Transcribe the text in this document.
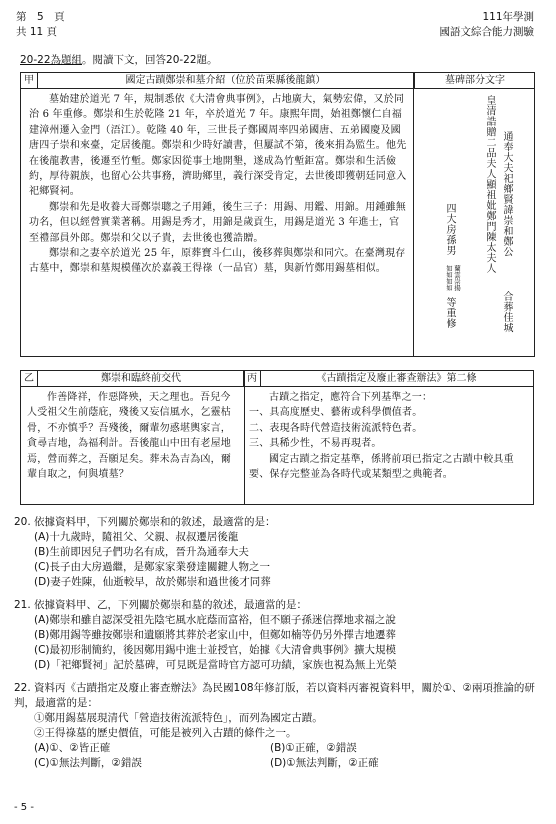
第　5　頁
共 11 頁
111年學測
國語文綜合能力測驗
20-22為題組。閱讀下文，回答20-22題。
甲	國定古蹟鄭崇和墓介紹（位於苗栗縣後龍鎮）	墓碑部分文字

墓始建於道光 7 年，規制悉依《大清會典事例》，占地廣大，氣勢宏偉，又於同治 6 年重修。鄭崇和生於乾隆 21 年，卒於道光 7 年。康熙年間，始祖鄭懷仁自福建漳州遷入金門（浯江）。乾隆 40 年，三世長子鄭國周率四弟國唐、五弟國慶及國唐四子崇和來臺，定居後龍。鄭崇和少時好讀書，但屢試不第，後來捐為監生。他先在後龍教書，後遷至竹塹。鄭家因從事土地開墾，遂成為竹塹鉅富。鄭崇和生活儉約，厚待親族，也留心公共事務，濟助鄉里，義行深受肯定，去世後即獲朝廷同意入祀鄉賢祠。

鄭崇和先是收養大哥鄭崇聰之子用鍾，後生三子：用錫、用鑑、用錦。用鍾雖無功名，但以經營實業著稱。用錫是秀才，用錦是歲貢生，用錫是道光 3 年進士，官至禮部員外郎。鄭崇和父以子貴，去世後也獲誥贈。

鄭崇和之妻卒於道光 25 年，原葬寶斗仁山，後移葬與鄭崇和同穴。在臺灣現存古墓中，鄭崇和墓規模僅次於嘉義王得祿（一品官）墓，與新竹鄭用錫墓相似。

通奉大夫祀鄉賢諱崇和鄭公
皇清誥贈二品夫人顯祖妣鄭門陳太夫人
合葬佳城
四大房孫男
如如如如 蘭雲崇揚
等重修
乙	鄭崇和臨終前交代

作善降祥，作惡降殃，天之理也。吾兒今人受祖父生前蔭庇，殘後又妄信風水，乞靈枯骨，不亦慎乎？吾殘後，爾輩勿惑堪輿家言，貪尋吉地，為福利計。吾後龍山中田有老屋地焉，營而葬之，吾願足矣。葬未為吉為凶，爾輩自取之，何與墳墓？

丙	《古蹟指定及廢止審查辦法》第二條

古蹟之指定，應符合下列基準之一：

一、具高度歷史、藝術或科學價值者。
二、表現各時代營造技術流派特色者。
三、具稀少性，不易再現者。

國定古蹟之指定基準，係將前項已指定之古蹟中較具重要、保存完整並為各時代或某類型之典範者。

20. 依據資料甲，下列關於鄭崇和的敘述，最適當的是：
(A)十九歲時，隨祖父、父親、叔叔遷居後龍
(B)生前即因兒子們功名有成，晉升為通奉大夫
(C)長子由大房過繼，是鄭家家業發達關鍵人物之一
(D)妻子姓陳，仙逝較早，故於鄭崇和過世後才同葬
21. 依據資料甲、乙，下列關於鄭崇和墓的敘述，最適當的是：
(A)鄭崇和雖自認深受祖先陰宅風水庇蔭而富裕，但不願子孫迷信擇地求福之說
(B)鄭用錫等雖按鄭崇和遺願將其葬於老家山中，但鄭如楠等仍另外擇吉地遷葬
(C)最初形制簡約，後因鄭用錫中進士並授官，始據《大清會典事例》擴大規模
(D)「祀鄉賢祠」記於墓碑，可見既是當時官方認可功績，家族也視為無上光榮
22. 資料丙《古蹟指定及廢止審查辦法》為民國108年修訂版，若以資料丙審視資料甲，關於①、②兩項推論的研判，最適當的是：
①鄭用錫墓展現清代「營造技術流派特色」，而列為國定古蹟。
②王得祿墓的歷史價值，可能是被列入古蹟的條件之一。
(A)①、②皆正確	(B)①正確，②錯誤
(C)①無法判斷，②錯誤	(D)①無法判斷，②正確
- 5 -
